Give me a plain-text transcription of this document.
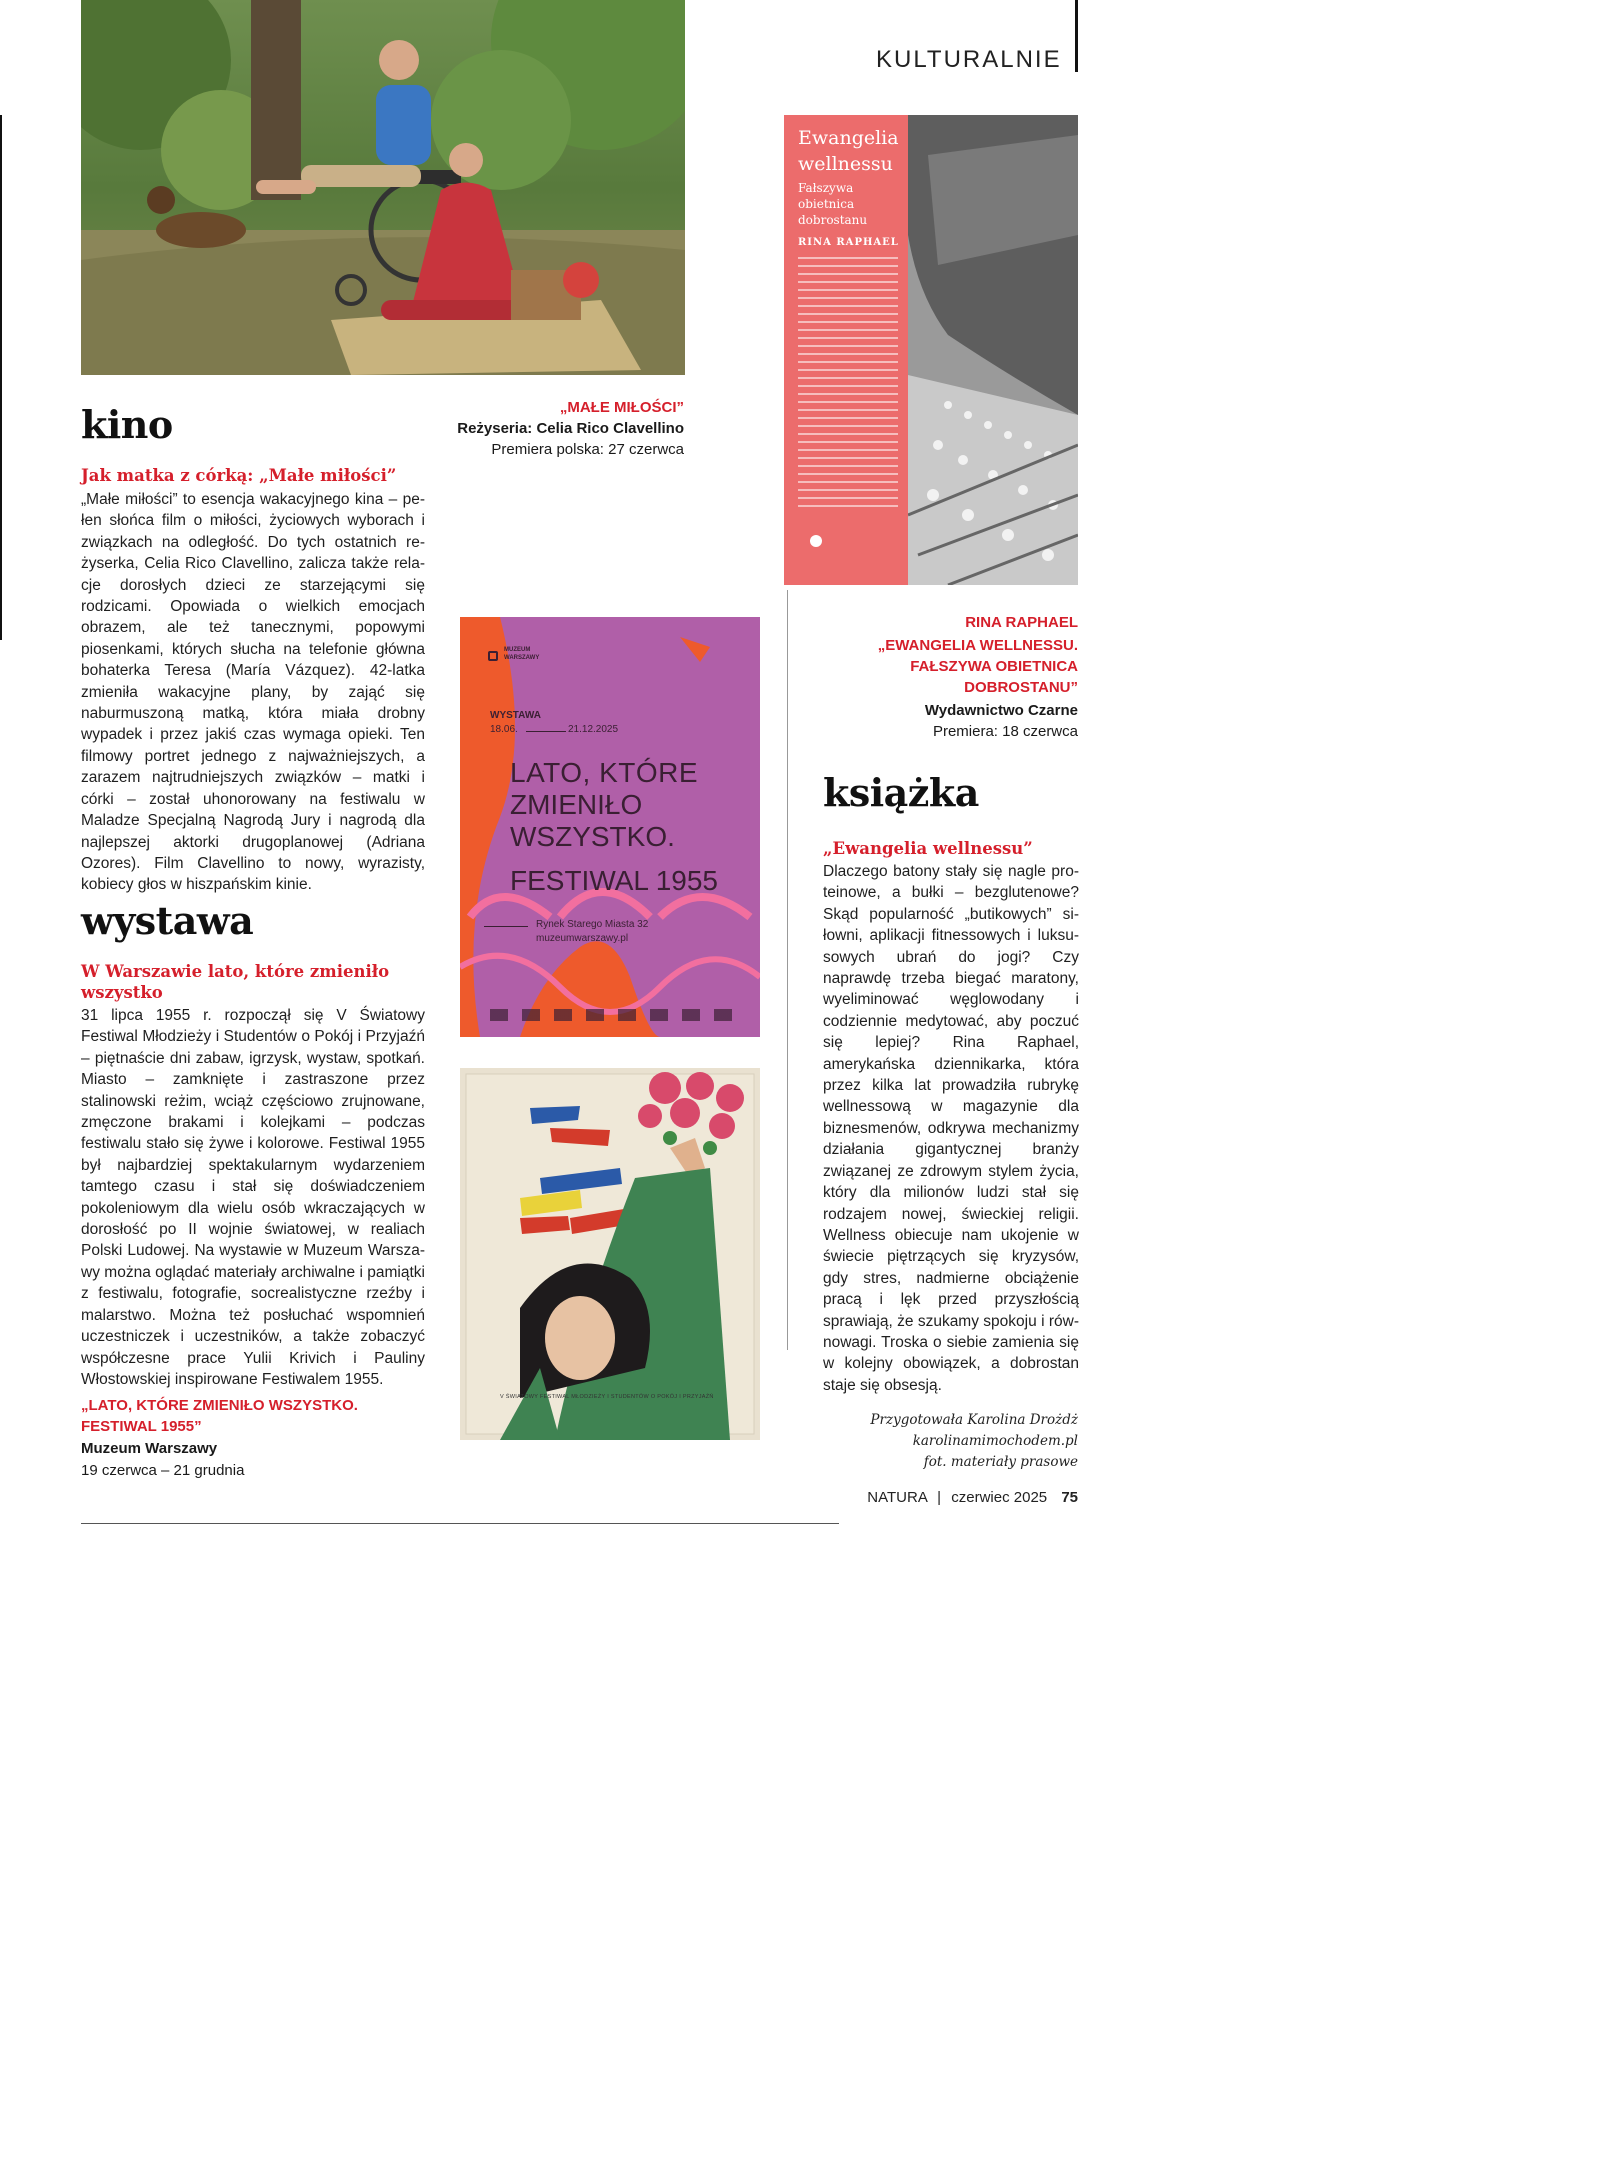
KULTURALNIE
kino
Jak matka z córką: „Małe miłości”
„Małe miłości” to esencja wakacyjnego kina – pełen słońca film o miłości, życiowych wyborach i związkach na odległość. Do tych ostatnich reżyserka, Celia Rico Clavellino, zalicza także relacje dorosłych dzieci ze starzejącymi się rodzicami. Opowiada o wielkich emocjach obrazem, ale też tanecznymi, popowymi piosenkami, których słucha na telefonie główna bohaterka Teresa (María Vázquez). 42-latka zmieniła wakacyjne plany, by zająć się naburmuszoną matką, która miała drobny wypadek i przez jakiś czas wymaga opieki. Ten filmowy portret jednego z najważniejszych, a zarazem najtrudniejszych związków – matki i córki – został uhonorowany na festiwalu w Maladze Specjalną Nagrodą Jury i nagrodą dla najlepszej aktorki drugoplanowej (Adriana Ozores). Film Clavellino to nowy, wyrazisty, kobiecy głos w hiszpańskim kinie.
„MAŁE MIŁOŚCI”
Reżyseria: Celia Rico Clavellino
Premiera polska: 27 czerwca
Ewangelia
wellnessu
Fałszywa
obietnica
dobrostanu
RINA RAPHAEL
RINA RAPHAEL
„EWANGELIA WELLNESSU.
FAŁSZYWA OBIETNICA
DOBROSTANU”
Wydawnictwo Czarne
Premiera: 18 czerwca
książka
„Ewangelia wellnessu”
Dlaczego batony stały się nagle proteinowe, a bułki – bezglutenowe? Skąd popularność „butikowych” siłowni, aplikacji fitnessowych i luksusowych ubrań do jogi? Czy naprawdę trzeba biegać maratony, wyeliminować węglowodany i codziennie medytować, aby poczuć się lepiej? Rina Raphael, amerykańska dziennikarka, która przez kilka lat prowadziła rubrykę wellnessową w magazynie dla biznesmenów, odkrywa mechanizmy działania gigantycznej branży związanej ze zdrowym stylem życia, który dla milionów ludzi stał się rodzajem nowej, świeckiej religii. Wellness obiecuje nam ukojenie w świecie piętrzących się kryzysów, gdy stres, nadmierne obciążenie pracą i lęk przed przyszłością sprawiają, że szukamy spokoju i równowagi. Troska o siebie zamienia się w kolejny obowiązek, a dobrostan staje się obsesją.
MUZEUM
WARSZAWY
WYSTAWA
18.06.	21.12.2025
LATO, KTÓRE
ZMIENIŁO
WSZYSTKO.
FESTIWAL 1955
Rynek Starego Miasta 32
muzeumwarszawy.pl
V ŚWIATOWY FESTIWAL MŁODZIEŻY I STUDENTÓW O POKÓJ I PRZYJAŹŃ
wystawa
W Warszawie lato, które zmieniło
wszystko
31 lipca 1955 r. rozpoczął się V Światowy Festiwal Młodzieży i Studentów o Pokój i Przyjaźń – piętnaście dni zabaw, igrzysk, wystaw, spotkań. Miasto – zamknięte i zastraszone przez stalinowski reżim, wciąż częściowo zrujnowane, zmęczone brakami i kolejkami – podczas festiwalu stało się żywe i kolorowe. Festiwal 1955 był najbardziej spektakularnym wydarzeniem tamtego czasu i stał się doświadczeniem pokoleniowym dla wielu osób wkraczających w dorosłość po II wojnie światowej, w realiach Polski Ludowej. Na wystawie w Muzeum Warszawy można oglądać materiały archiwalne i pamiątki z festiwalu, fotografie, socrealistyczne rzeźby i malarstwo. Można też posłuchać wspomnień uczestniczek i uczestników, a także zobaczyć współczesne prace Yulii Krivich i Pauliny Włostowskiej inspirowane Festiwalem 1955.
„LATO, KTÓRE ZMIENIŁO WSZYSTKO.
FESTIWAL 1955”
Muzeum Warszawy
19 czerwca – 21 grudnia
Przygotowała Karolina Drożdż
karolinamimochodem.pl
fot. materiały prasowe
NATURA | czerwiec 2025 75
